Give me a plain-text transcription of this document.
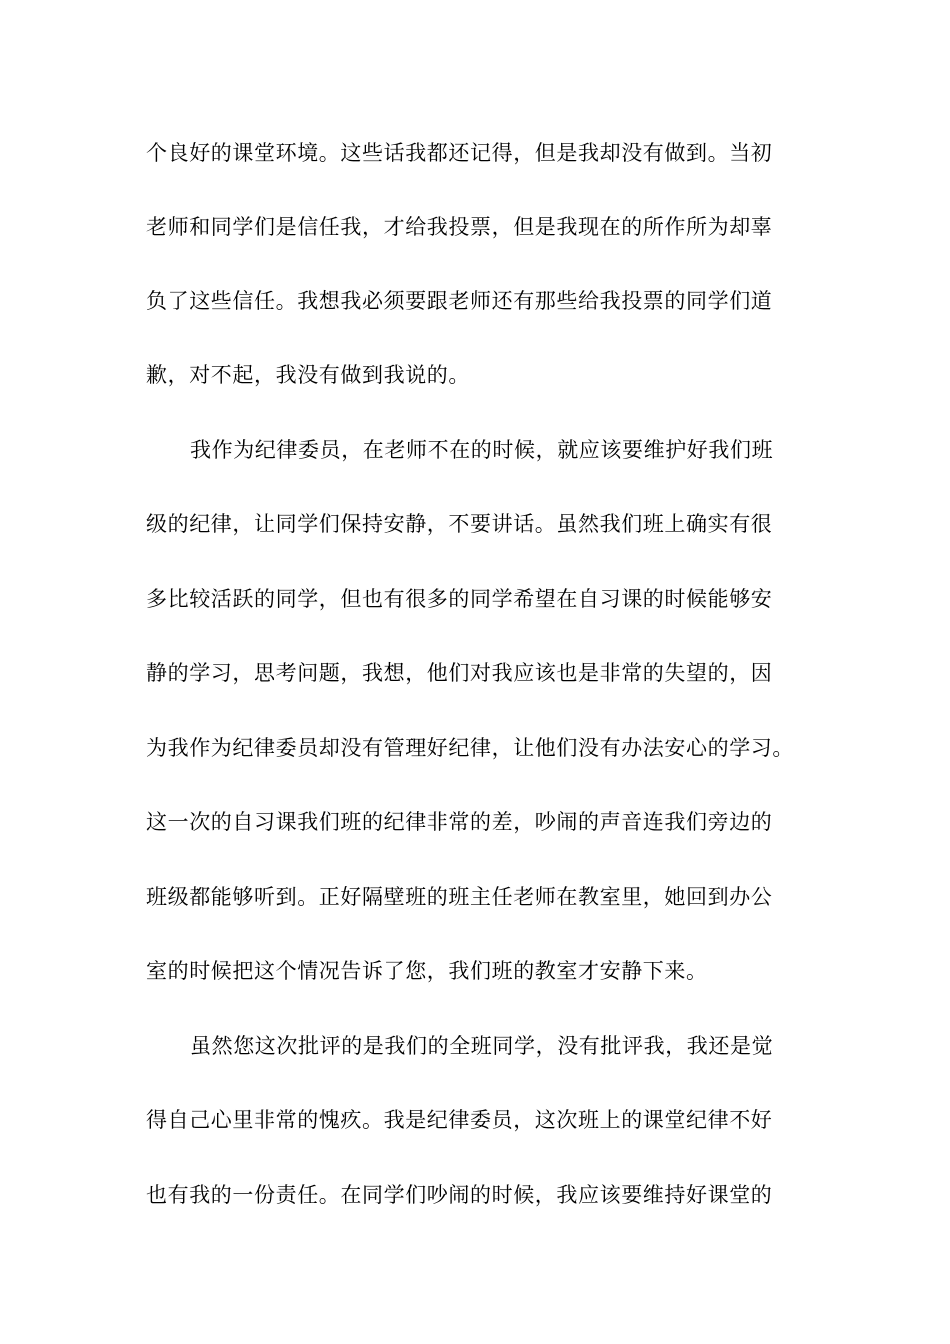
个良好的课堂环境。这些话我都还记得，但是我却没有做到。当初
老师和同学们是信任我，才给我投票，但是我现在的所作所为却辜
负了这些信任。我想我必须要跟老师还有那些给我投票的同学们道
歉，对不起，我没有做到我说的。
我作为纪律委员，在老师不在的时候，就应该要维护好我们班
级的纪律，让同学们保持安静，不要讲话。虽然我们班上确实有很
多比较活跃的同学，但也有很多的同学希望在自习课的时候能够安
静的学习，思考问题，我想，他们对我应该也是非常的失望的，因
为我作为纪律委员却没有管理好纪律，让他们没有办法安心的学习。
这一次的自习课我们班的纪律非常的差，吵闹的声音连我们旁边的
班级都能够听到。正好隔壁班的班主任老师在教室里，她回到办公
室的时候把这个情况告诉了您，我们班的教室才安静下来。
虽然您这次批评的是我们的全班同学，没有批评我，我还是觉
得自己心里非常的愧疚。我是纪律委员，这次班上的课堂纪律不好
也有我的一份责任。在同学们吵闹的时候，我应该要维持好课堂的
